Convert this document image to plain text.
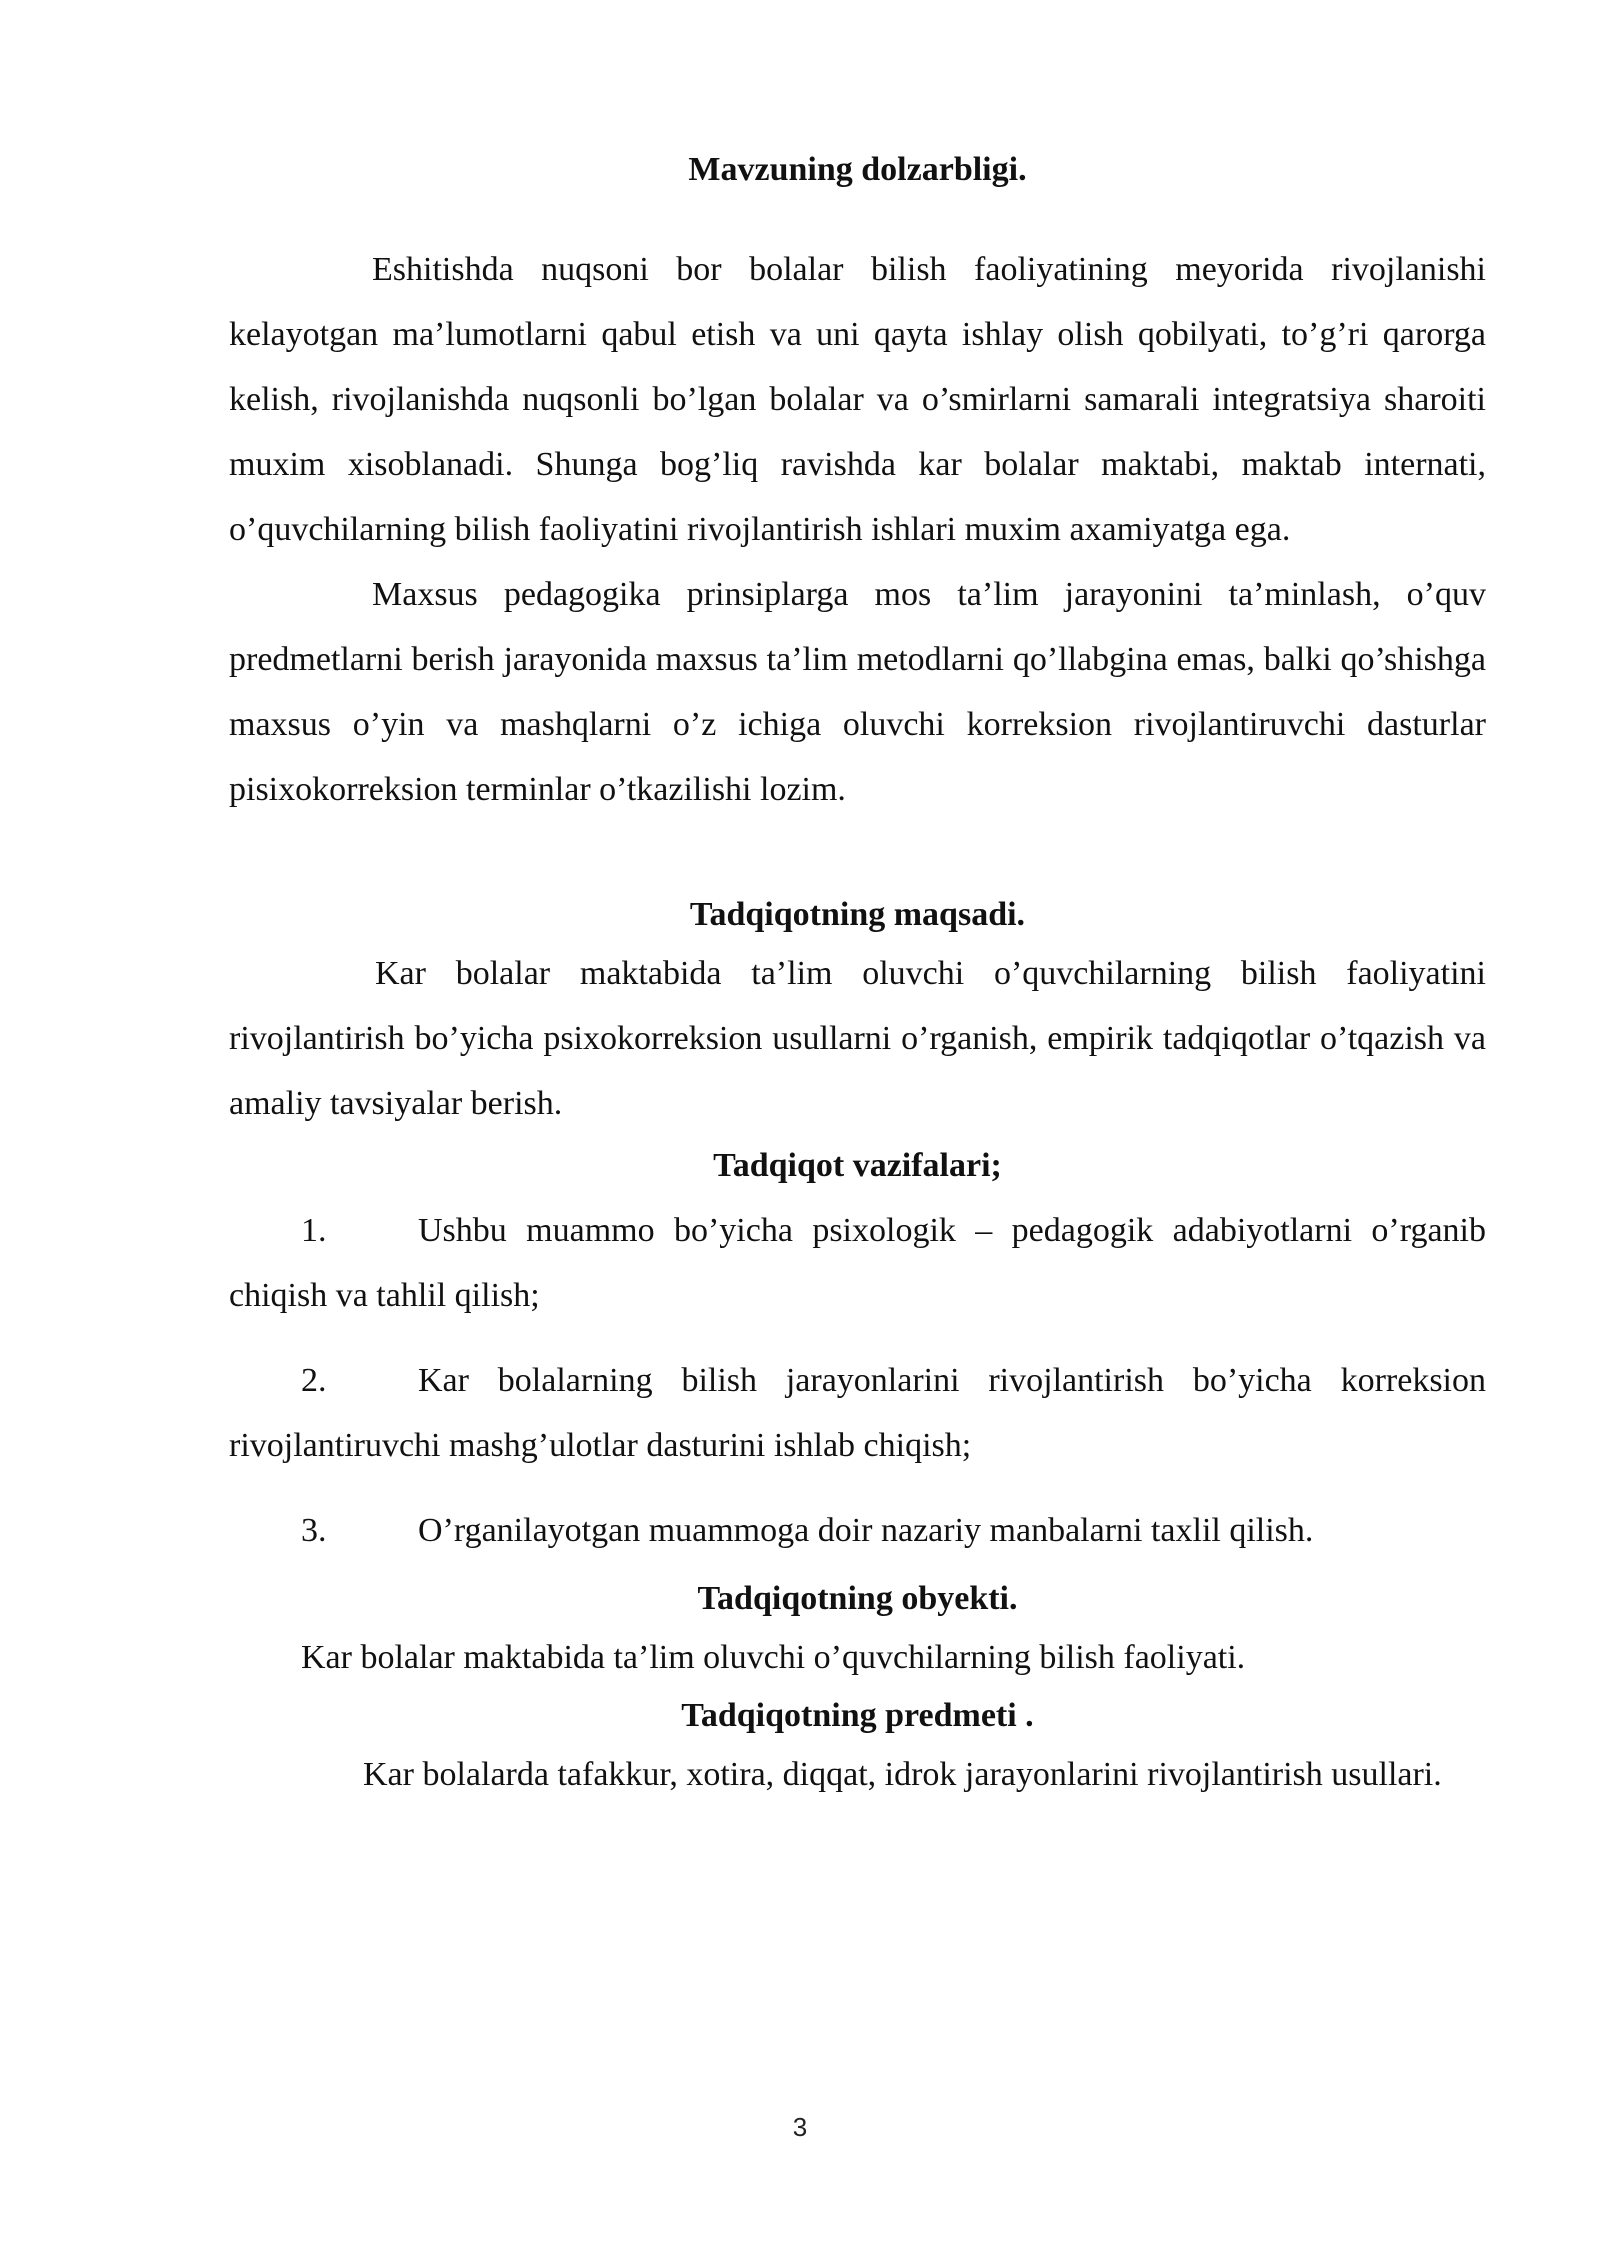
Mavzuning dolzarbligi.

Eshitishda nuqsoni bor bolalar bilish faoliyatining meyorida rivojlanishi kelayotgan ma’lumotlarni qabul etish va uni qayta ishlay olish qobilyati, to’g’ri qarorga kelish, rivojlanishda nuqsonli bo’lgan bolalar va o’smirlarni samarali integratsiya sharoiti muxim xisoblanadi. Shunga bog’liq ravishda kar bolalar maktabi, maktab internati, o’quvchilarning bilish faoliyatini rivojlantirish ishlari muxim axamiyatga ega.

Maxsus pedagogika prinsiplarga mos ta’lim jarayonini ta’minlash, o’quv predmetlarni berish jarayonida maxsus ta’lim metodlarni qo’llabgina emas, balki qo’shishga maxsus o’yin va mashqlarni o’z ichiga oluvchi korreksion rivojlantiruvchi dasturlar pisixokorreksion terminlar o’tkazilishi lozim.

Tadqiqotning maqsadi.

Kar bolalar maktabida ta’lim oluvchi o’quvchilarning bilish faoliyatini rivojlantirish bo’yicha psixokorreksion usullarni o’rganish, empirik tadqiqotlar o’tqazish va amaliy tavsiyalar berish.

Tadqiqot vazifalari;

1.	Ushbu muammo bo’yicha psixologik – pedagogik adabiyotlarni o’rganib chiqish va tahlil qilish;

2.	Kar bolalarning bilish jarayonlarini rivojlantirish bo’yicha korreksion rivojlantiruvchi mashg’ulotlar dasturini ishlab chiqish;

3.	O’rganilayotgan muammoga doir nazariy manbalarni taxlil qilish.

Tadqiqotning obyekti.

Kar bolalar maktabida ta’lim oluvchi o’quvchilarning bilish faoliyati.

Tadqiqotning predmeti .

Kar bolalarda tafakkur, xotira, diqqat, idrok jarayonlarini rivojlantirish usullari.

3
